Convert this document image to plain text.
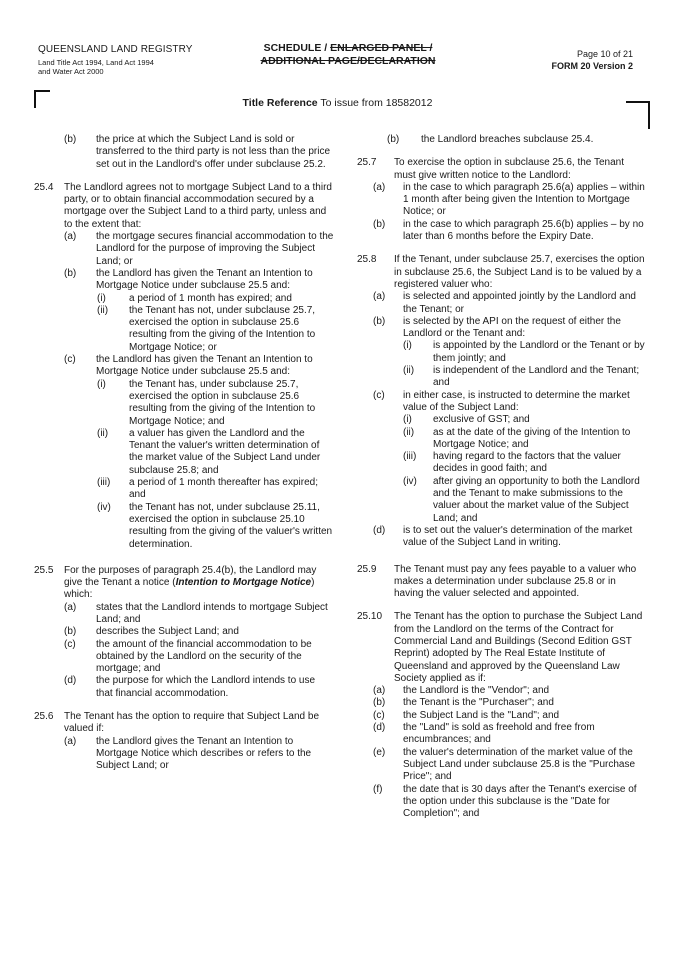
QUEENSLAND LAND REGISTRY
Land Title Act 1994, Land Act 1994
and Water Act 2000
SCHEDULE / ENLARGED PANEL /
ADDITIONAL PAGE/DECLARATION
Page 10 of 21
FORM 20 Version 2
Title Reference To issue from 18582012
(b)	the price at which the Subject Land is sold or transferred to the third party is not less than the price set out in the Landlord's offer under subclause 25.2.
25.4	The Landlord agrees not to mortgage Subject Land to a third party, or to obtain financial accommodation secured by a mortgage over the Subject Land to a third party, unless and to the extent that:
(a)	the mortgage secures financial accommodation to the Landlord for the purpose of improving the Subject Land; or
(b)	the Landlord has given the Tenant an Intention to Mortgage Notice under subclause 25.5 and:
(i)	a period of 1 month has expired; and
(ii)	the Tenant has not, under subclause 25.7, exercised the option in subclause 25.6 resulting from the giving of the Intention to Mortgage Notice; or
(c)	the Landlord has given the Tenant an Intention to Mortgage Notice under subclause 25.5 and:
(i)	the Tenant has, under subclause 25.7, exercised the option in subclause 25.6 resulting from the giving of the Intention to Mortgage Notice; and
(ii)	a valuer has given the Landlord and the Tenant the valuer's written determination of the market value of the Subject Land under subclause 25.8; and
(iii)	a period of 1 month thereafter has expired; and
(iv)	the Tenant has not, under subclause 25.11, exercised the option in subclause 25.10 resulting from the giving of the valuer's written determination.
25.5	For the purposes of paragraph 25.4(b), the Landlord may give the Tenant a notice (Intention to Mortgage Notice) which:
(a)	states that the Landlord intends to mortgage Subject Land; and
(b)	describes the Subject Land; and
(c)	the amount of the financial accommodation to be obtained by the Landlord on the security of the mortgage; and
(d)	the purpose for which the Landlord intends to use that financial accommodation.
25.6	The Tenant has the option to require that Subject Land be valued if:
(a)	the Landlord gives the Tenant an Intention to Mortgage Notice which describes or refers to the Subject Land; or
(b)	the Landlord breaches subclause 25.4.
25.7	To exercise the option in subclause 25.6, the Tenant must give written notice to the Landlord:
(a)	in the case to which paragraph 25.6(a) applies – within 1 month after being given the Intention to Mortgage Notice; or
(b)	in the case to which paragraph 25.6(b) applies – by no later than 6 months before the Expiry Date.
25.8	If the Tenant, under subclause 25.7, exercises the option in subclause 25.6, the Subject Land is to be valued by a registered valuer who:
(a)	is selected and appointed jointly by the Landlord and the Tenant; or
(b)	is selected by the API on the request of either the Landlord or the Tenant and:
(i)	is appointed by the Landlord or the Tenant or by them jointly; and
(ii)	is independent of the Landlord and the Tenant; and
(c)	in either case, is instructed to determine the market value of the Subject Land:
(i)	exclusive of GST; and
(ii)	as at the date of the giving of the Intention to Mortgage Notice; and
(iii)	having regard to the factors that the valuer decides in good faith; and
(iv)	after giving an opportunity to both the Landlord and the Tenant to make submissions to the valuer about the market value of the Subject Land; and
(d)	is to set out the valuer's determination of the market value of the Subject Land in writing.
25.9	The Tenant must pay any fees payable to a valuer who makes a determination under subclause 25.8 or in having the valuer selected and appointed.
25.10	The Tenant has the option to purchase the Subject Land from the Landlord on the terms of the Contract for Commercial Land and Buildings (Second Edition GST Reprint) adopted by The Real Estate Institute of Queensland and approved by the Queensland Law Society applied as if:
(a)	the Landlord is the "Vendor"; and
(b)	the Tenant is the "Purchaser"; and
(c)	the Subject Land is the "Land"; and
(d)	the "Land" is sold as freehold and free from encumbrances; and
(e)	the valuer's determination of the market value of the Subject Land under subclause 25.8 is the "Purchase Price"; and
(f)	the date that is 30 days after the Tenant's exercise of the option under this subclause is the "Date for Completion"; and
